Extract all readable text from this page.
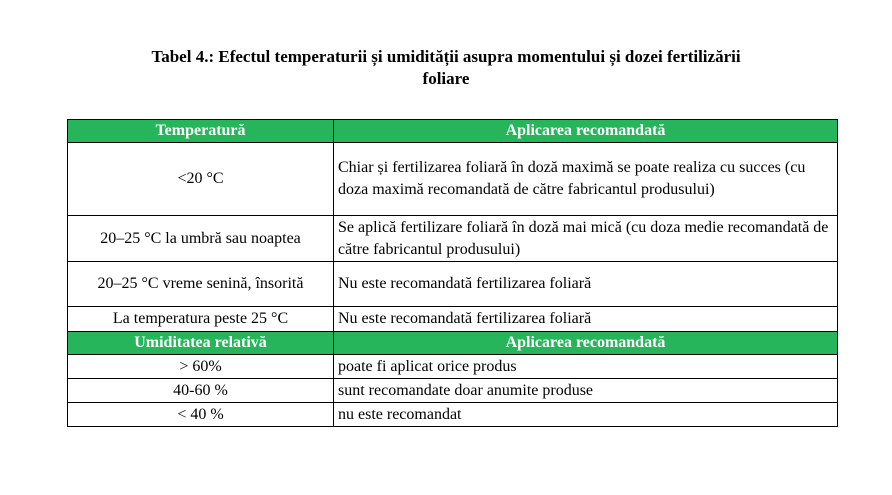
Tabel 4.: Efectul temperaturii și umidității asupra momentului și dozei fertilizării
foliare
Temperatură	Aplicarea recomandată
<20 °C	Chiar și fertilizarea foliară în doză maximă se poate realiza cu succes (cu doza maximă recomandată de către fabricantul produsului)
20–25 °C la umbră sau noaptea	Se aplică fertilizare foliară în doză mai mică (cu doza medie recomandată de către fabricantul produsului)
20–25 °C vreme senină, însorită	Nu este recomandată fertilizarea foliară
La temperatura peste 25 °C	Nu este recomandată fertilizarea foliară
Umiditatea relativă	Aplicarea recomandată
> 60%	poate fi aplicat orice produs
40-60 %	sunt recomandate doar anumite produse
< 40 %	nu este recomandat
